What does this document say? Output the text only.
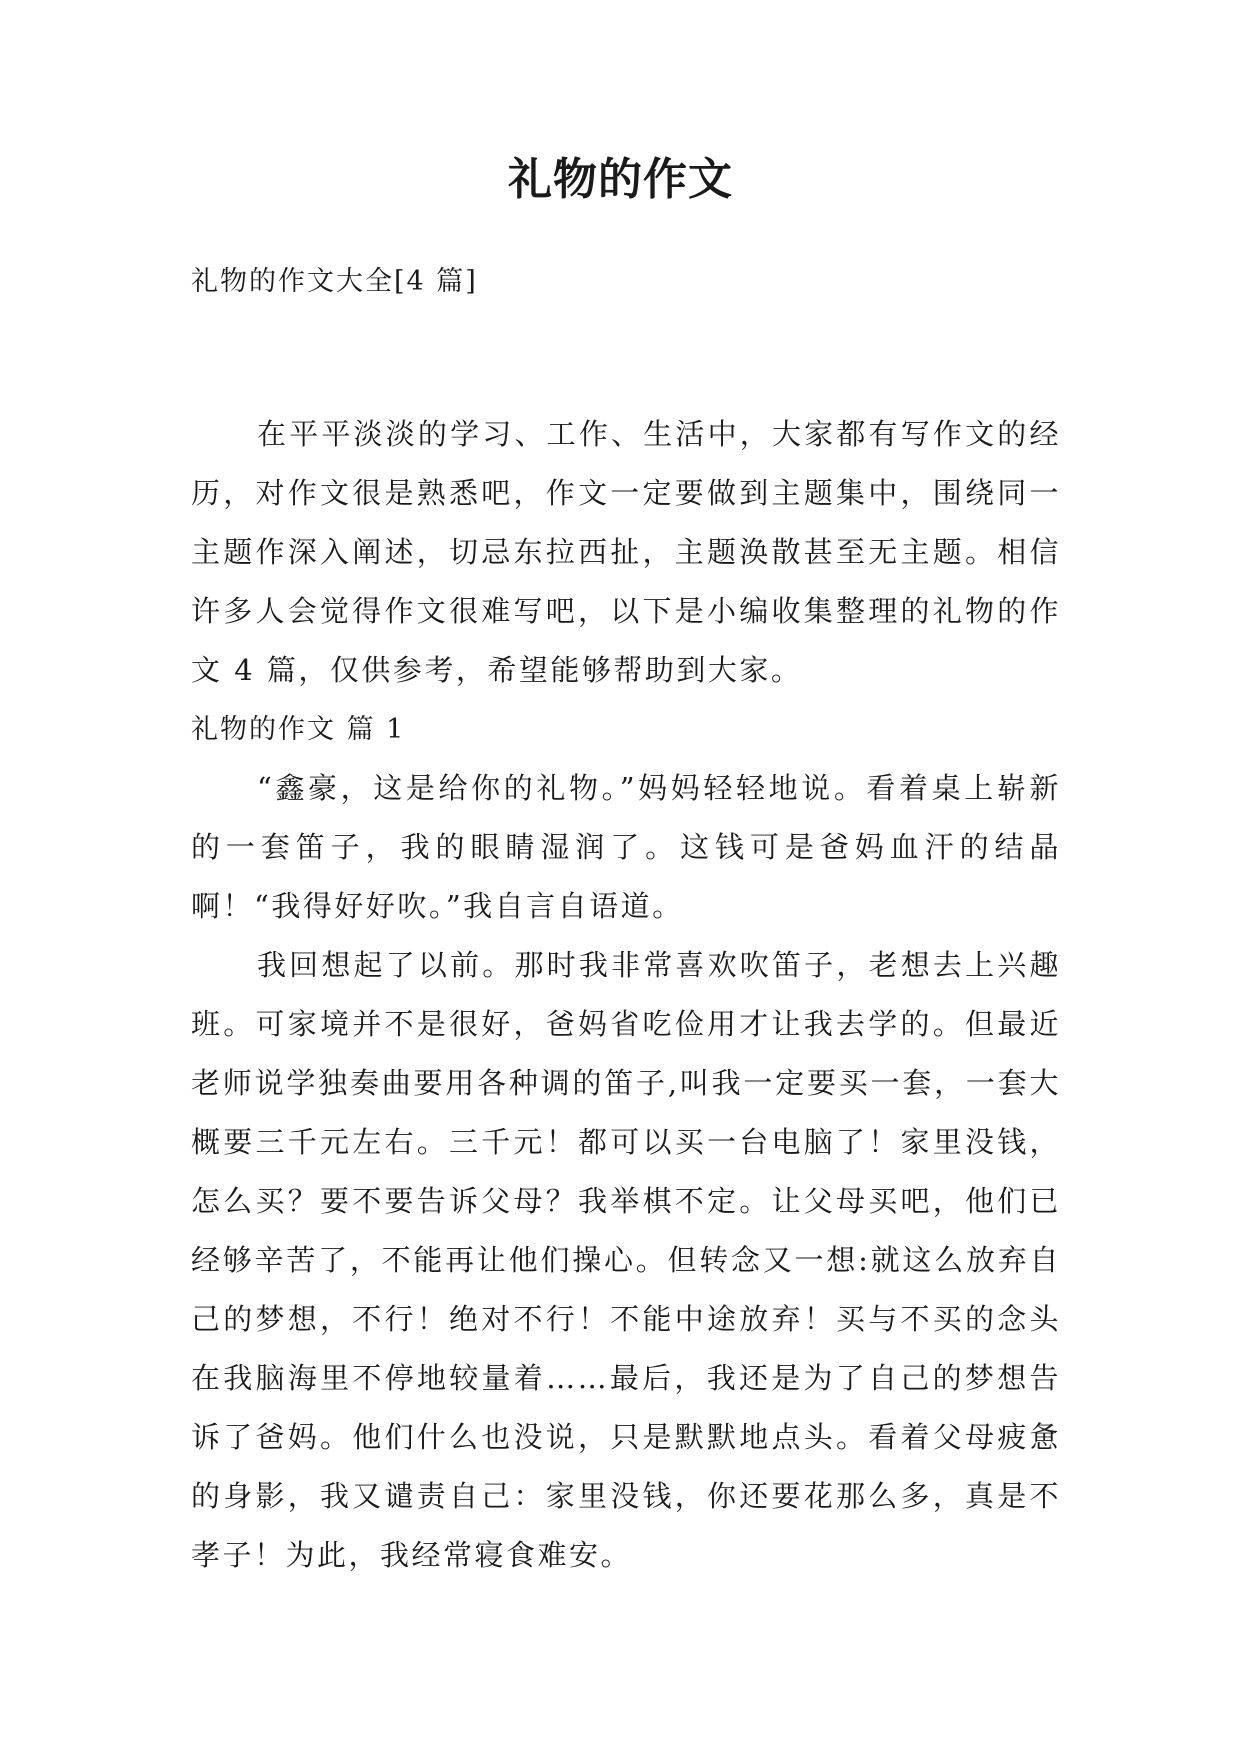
礼物的作文
礼物的作文大全[4 篇]

在平平淡淡的学习、工作、生活中，大家都有写作文的经历，对作文很是熟悉吧，作文一定要做到主题集中，围绕同一主题作深入阐述，切忌东拉西扯，主题涣散甚至无主题。相信许多人会觉得作文很难写吧，以下是小编收集整理的礼物的作文 4 篇，仅供参考，希望能够帮助到大家。

礼物的作文 篇 1

“鑫豪，这是给你的礼物。”妈妈轻轻地说。看着桌上崭新的一套笛子，我的眼睛湿润了。这钱可是爸妈血汗的结晶啊！“我得好好吹。”我自言自语道。

我回想起了以前。那时我非常喜欢吹笛子，老想去上兴趣班。可家境并不是很好，爸妈省吃俭用才让我去学的。但最近老师说学独奏曲要用各种调的笛子,叫我一定要买一套，一套大概要三千元左右。三千元！都可以买一台电脑了！家里没钱，怎么买？要不要告诉父母？我举棋不定。让父母买吧，他们已经够辛苦了，不能再让他们操心。但转念又一想:就这么放弃自己的梦想，不行！绝对不行！不能中途放弃！买与不买的念头在我脑海里不停地较量着……最后，我还是为了自己的梦想告诉了爸妈。他们什么也没说，只是默默地点头。看着父母疲惫的身影，我又谴责自己：家里没钱，你还要花那么多，真是不孝子！为此，我经常寝食难安。
